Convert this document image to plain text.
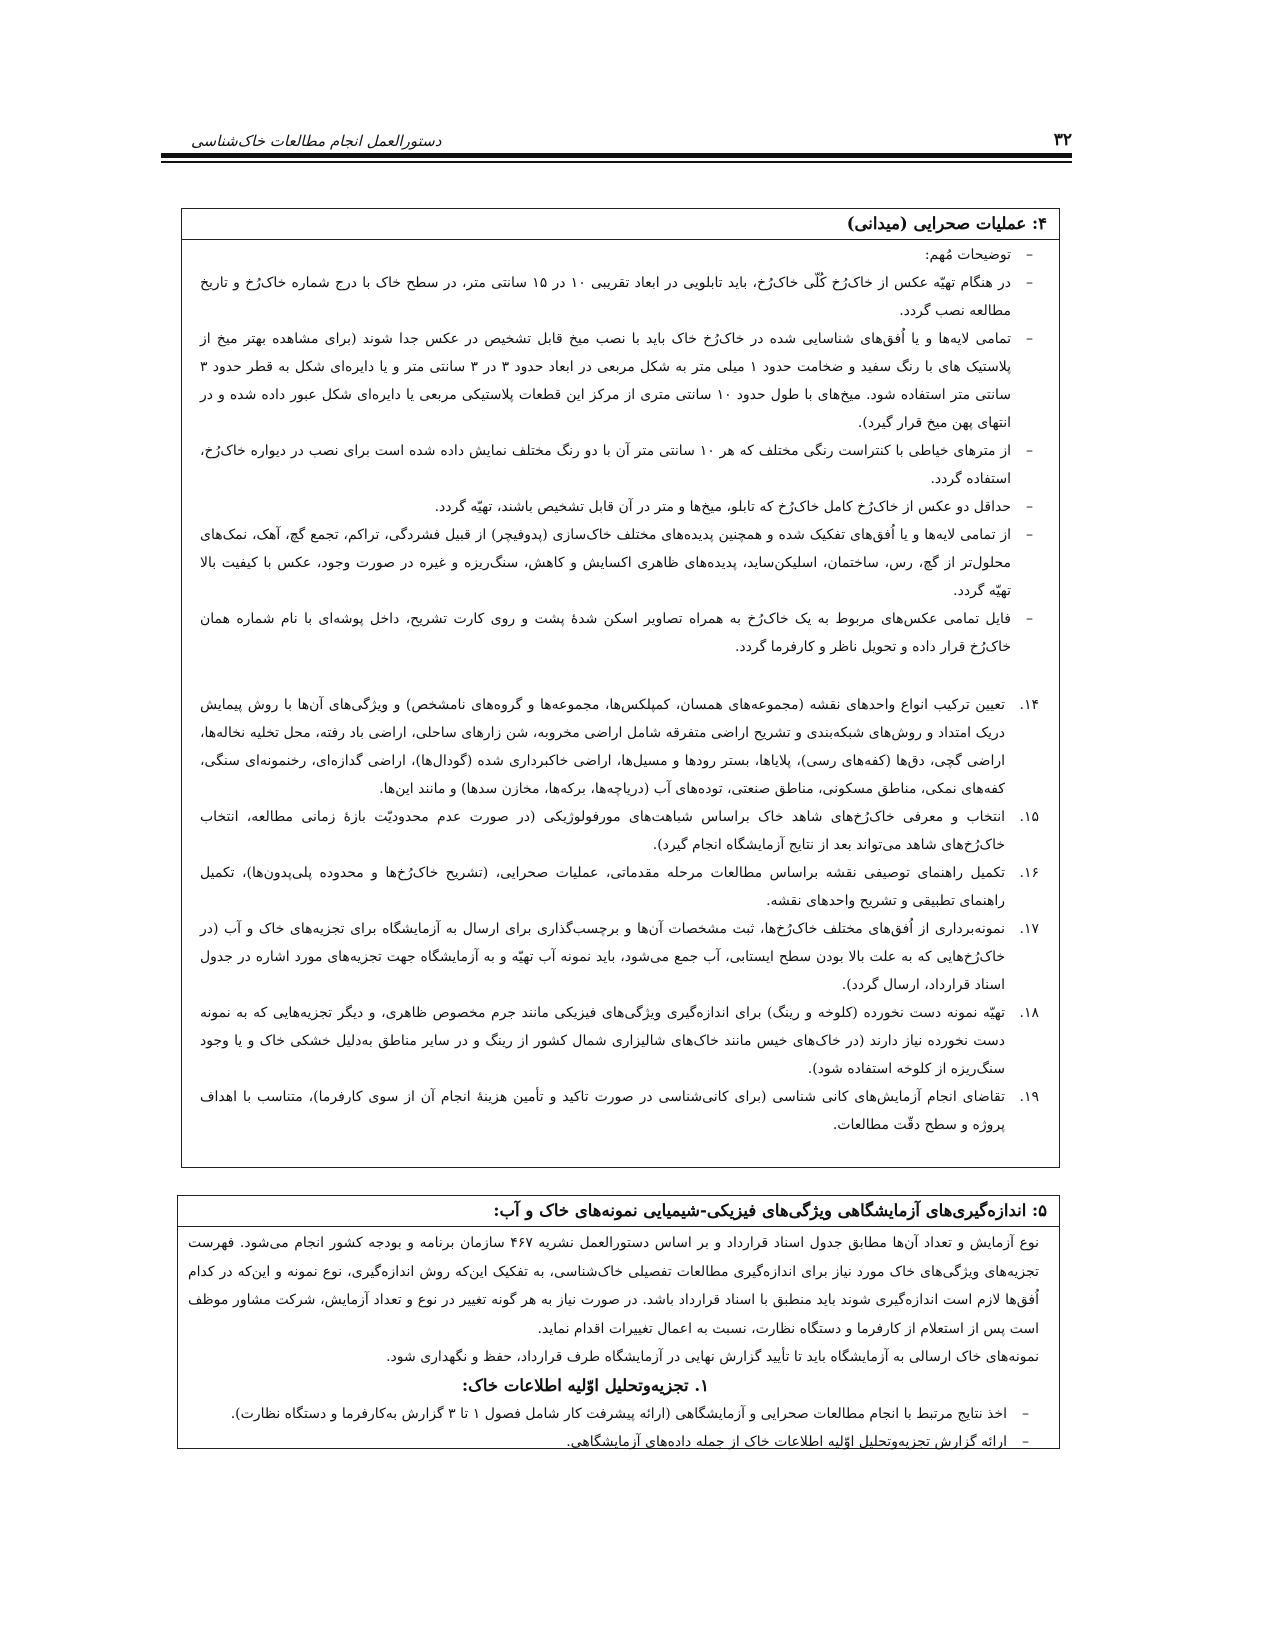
۳۲
دستورالعمل انجام مطالعات خاک‌شناسی
۴: عملیات صحرایی (میدانی)
–
توضیحات مُهم:
–
در هنگام تهیّه عکس از خاک‌رُخ کُلّی خاک‌رُخ، باید تابلویی در ابعاد تقریبی ۱۰ در ۱۵ سانتی متر، در سطح خاک با درج شماره خاک‌رُخ و تاریخ مطالعه نصب گردد.
–
تمامی لایه‌ها و یا اُفق‌های شناسایی شده در خاک‌رُخ خاک باید با نصب میخ قابل تشخیص در عکس جدا شوند (برای مشاهده بهتر میخ از پلاستیک های با رنگ سفید و ضخامت حدود ۱ میلی متر به شکل مربعی در ابعاد حدود ۳ در ۳ سانتی متر و یا دایره‌ای شکل به قطر حدود ۳ سانتی متر استفاده شود. میخ‌های با طول حدود ۱۰ سانتی متری از مرکز این قطعات پلاستیکی مربعی یا دایره‌ای شکل عبور داده شده و در انتهای پهن میخ قرار گیرد).
–
از مترهای خیاطی با کنتراست رنگی مختلف که هر ۱۰ سانتی متر آن با دو رنگ مختلف نمایش داده شده است برای نصب در دیواره خاک‌رُخ، استفاده گردد.
–
حداقل دو عکس از خاک‌رُخ کامل خاک‌رُخ که تابلو، میخ‌ها و متر در آن قابل تشخیص باشند، تهیّه گردد.
–
از تمامی لایه‌ها و یا اُفق‌های تفکیک شده و همچنین پدیده‌های مختلف خاک‌سازی (پدوفیچر) از قبیل فشردگی، تراکم، تجمع گچ، آهک، نمک‌های محلول‌تر از گچ، رس، ساختمان، اسلیکن‌ساید، پدیده‌های ظاهری اکسایش و کاهش، سنگ‌ریزه و غیره در صورت وجود، عکس با کیفیت بالا تهیّه گردد.
–
فایل تمامی عکس‌های مربوط به یک خاک‌رُخ به همراه تصاویر اسکن شدهٔ پشت و روی کارت تشریح، داخل پوشه‌ای با نام شماره همان خاک‌رُخ قرار داده و تحویل ناظر و کارفرما گردد.
۱۴.
تعیین ترکیب انواع واحدهای نقشه (مجموعه‌های همسان، کمپلکس‌ها، مجموعه‌ها و گروه‌های نامشخص) و ویژگی‌های آن‌ها با روش پیمایش دریک امتداد و روش‌های شبکه‌بندی و تشریح اراضی متفرقه شامل اراضی مخروبه، شن زارهای ساحلی، اراضی باد رفته، محل تخلیه نخاله‌ها، اراضی گچی، دق‌ها (کفه‌های رسی)، پلایاها، بستر رودها و مسیل‌ها، اراضی خاکبرداری شده (گودال‌ها)، اراضی گدازه‌ای، رخنمونه‌ای سنگی، کفه‌های نمکی، مناطق مسکونی، مناطق صنعتی، توده‌های آب (دریاچه‌ها، برکه‌ها، مخازن سدها) و مانند این‌ها.
۱۵.
انتخاب و معرفی خاک‌رُخ‌های شاهد خاک براساس شباهت‌های مورفولوژیکی (در صورت عدم محدودیّت بازهٔ زمانی مطالعه، انتخاب خاک‌رُخ‌های شاهد می‌تواند بعد از نتایج آزمایشگاه انجام گیرد).
۱۶.
تکمیل راهنمای توصیفی نقشه براساس مطالعات مرحله مقدماتی، عملیات صحرایی، (تشریح خاک‌رُخ‌ها و محدوده پلی‌پدون‌ها)، تکمیل راهنمای تطبیقی و تشریح واحدهای نقشه.
۱۷.
نمونه‌برداری از اُفق‌های مختلف خاک‌رُخ‌ها، ثبت مشخصات آن‌ها و برچسب‌گذاری برای ارسال به آزمایشگاه برای تجزیه‌های خاک و آب (در خاک‌رُخ‌هایی که به علت بالا بودن سطح ایستابی، آب جمع می‌شود، باید نمونه آب تهیّه و به آزمایشگاه جهت تجزیه‌های مورد اشاره در جدول اسناد قرارداد، ارسال گردد).
۱۸.
تهیّه نمونه دست نخورده (کلوخه و رینگ) برای اندازه‌گیری ویژگی‌های فیزیکی مانند جرم مخصوص ظاهری، و دیگر تجزیه‌هایی که به نمونه دست نخورده نیاز دارند (در خاک‌های خیس مانند خاک‌های شالیزاری شمال کشور از رینگ و در سایر مناطق به‌دلیل خشکی خاک و یا وجود سنگ‌ریزه از کلوخه استفاده شود).
۱۹.
تقاضای انجام آزمایش‌های کانی شناسی (برای کانی‌شناسی در صورت تاکید و تأمین هزینهٔ انجام آن از سوی کارفرما)، متناسب با اهداف پروژه و سطح دقّت مطالعات.
۵: اندازه‌گیری‌های آزمایشگاهی ویژگی‌های فیزیکی-شیمیایی نمونه‌های خاک و آب:
نوع آزمایش و تعداد آن‌ها مطابق جدول اسناد قرارداد و بر اساس دستورالعمل نشریه ۴۶۷ سازمان برنامه و بودجه کشور انجام می‌شود. فهرست تجزیه‌های ویژگی‌های خاک مورد نیاز برای اندازه‌گیری مطالعات تفصیلی خاک‌شناسی، به تفکیک این‌که روش اندازه‌گیری، نوع نمونه و این‌که در کدام اُفق‌ها لازم است اندازه‌گیری شوند باید منطبق با اسناد قرارداد باشد. در صورت نیاز به هر گونه تغییر در نوع و تعداد آزمایش، شرکت مشاور موظف است پس از استعلام از کارفرما و دستگاه نظارت، نسبت به اعمال تغییرات اقدام نماید.
نمونه‌های خاک ارسالی به آزمایشگاه باید تا تأیید گزارش نهایی در آزمایشگاه طرف قرارداد، حفظ و نگهداری شود.
۱. تجزیه‌وتحلیل اوّلیه اطلاعات خاک:
–
اخذ نتایج مرتبط با انجام مطالعات صحرایی و آزمایشگاهی (ارائه پیشرفت کار شامل فصول ۱ تا ۳ گزارش به‌کارفرما و دستگاه نظارت).
–
ارائه گزارش تجزیه‌وتحلیل اوّلیه اطلاعات خاک از جمله داده‌های آزمایشگاهی.
